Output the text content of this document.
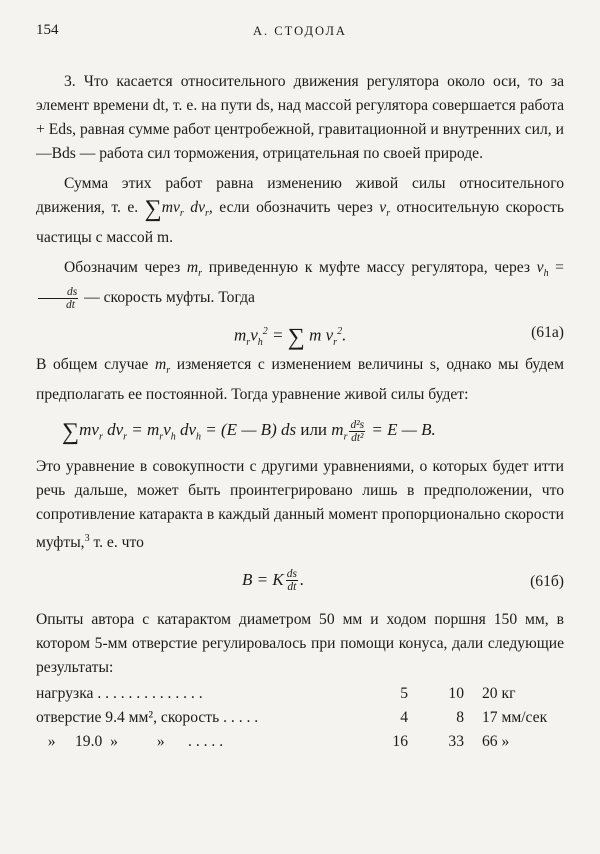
154	А. СТОДОЛА

3. Что касается относительного движения регулятора около оси, то за элемент времени dt, т. е. на пути ds, над массой регулятора совершается работа + Eds, равная сумме работ центробежной, гравитационной и внутренних сил, и —Bds — работа сил торможения, отрицательная по своей природе.

Сумма этих работ равна изменению живой силы относительного движения, т. е. $\sum mv_r$ $dv_r$, если обозначить через $v_r$ относительную скорость частицы с массой m.

Обозначим через $m_r$ приведенную к муфте массу регулятора, через $v_h$ =
$\frac{ds}{dt}$ — скорость муфты. Тогда

$m_rv_h^2$ = ∑ m $v_r^2$.	(61а)

В общем случае $m_r$ изменяется с изменением величины s, однако мы будем предполагать ее постоянной. Тогда уравнение живой силы будет:

$\sum mv_r$ $dv_r = m_rv_h$ $dv_h = (E$ — B) ds или $m_r \frac{\text{d²s}}{\text{dt²}} = E$ — B.

Это уравнение в совокупности с другими уравнениями, о которых будет итти речь дальше, может быть проинтегрировано лишь в предположении, что сопротивление катаракта в каждый данный момент пропорционально скорости муфты,$^3$ т. е. что

B = K $\frac{ds}{dt}$ .	(61б)

Опыты автора с катарактом диаметром 50 мм и ходом поршня 150 мм, в котором 5-мм отверстие регулировалось при помощи конуса, дали следующие результаты:

нагрузка . . . . . . . . . . . . . .	5	10 20 кг
отверстие 9.4 мм², скорость . . . . .	4	8 17 мм/сек
»     19.0  »          »      . . . . .	16	33 66 »
